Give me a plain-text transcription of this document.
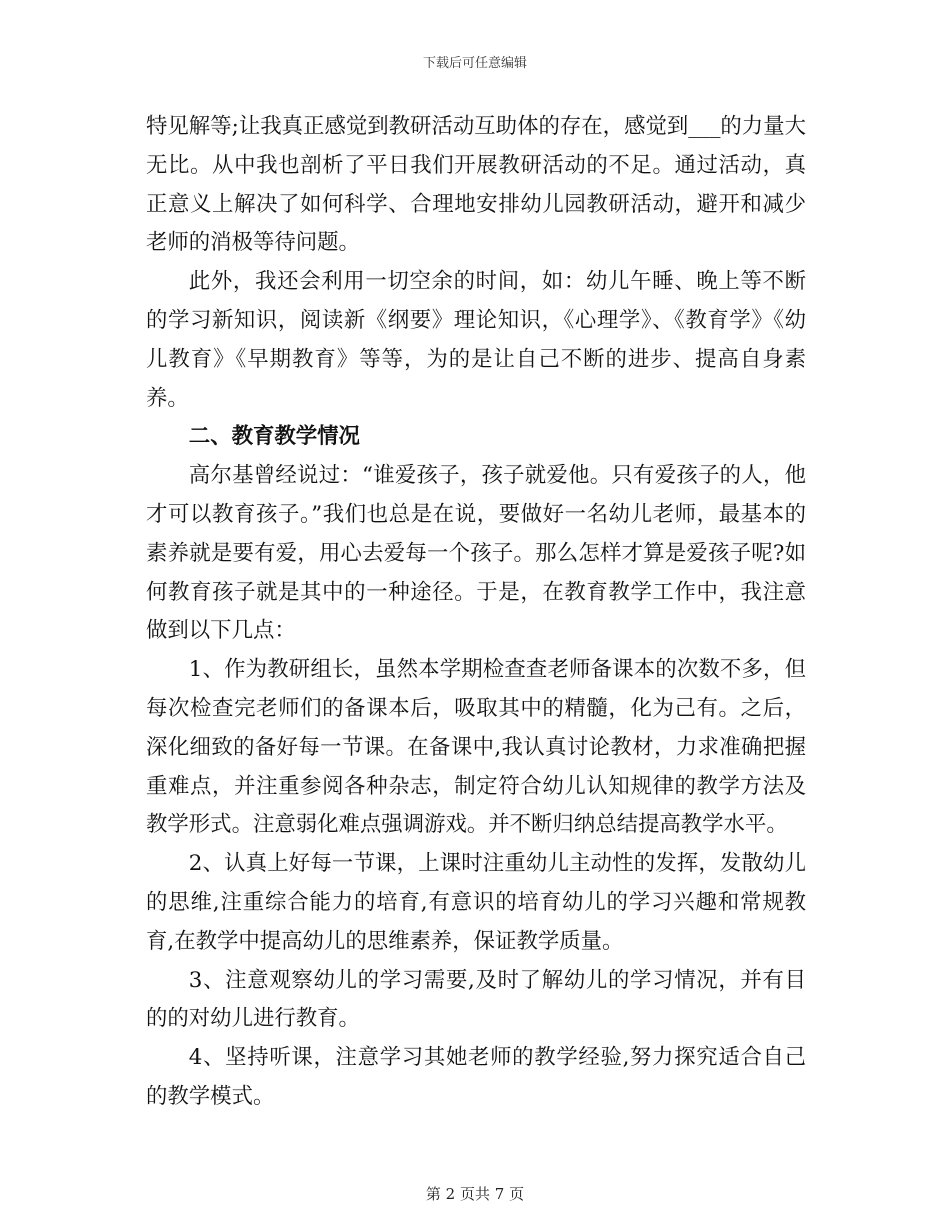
下载后可任意编辑

特见解等;让我真正感觉到教研活动互助体的存在，感觉到___的力量大无比。从中我也剖析了平日我们开展教研活动的不足。通过活动，真正意义上解决了如何科学、合理地安排幼儿园教研活动，避开和减少老师的消极等待问题。

此外，我还会利用一切空余的时间，如：幼儿午睡、晚上等不断的学习新知识，阅读新《纲要》理论知识，《心理学》、《教育学》《幼儿教育》《早期教育》等等，为的是让自己不断的进步、提高自身素养。

二、教育教学情况

高尔基曾经说过：“谁爱孩子，孩子就爱他。只有爱孩子的人，他才可以教育孩子。”我们也总是在说，要做好一名幼儿老师，最基本的素养就是要有爱，用心去爱每一个孩子。那么怎样才算是爱孩子呢?如何教育孩子就是其中的一种途径。于是，在教育教学工作中，我注意做到以下几点：

1、作为教研组长，虽然本学期检查查老师备课本的次数不多，但每次检查完老师们的备课本后，吸取其中的精髓，化为己有。之后，深化细致的备好每一节课。在备课中,我认真讨论教材，力求准确把握重难点，并注重参阅各种杂志，制定符合幼儿认知规律的教学方法及教学形式。注意弱化难点强调游戏。并不断归纳总结提高教学水平。

2、认真上好每一节课，上课时注重幼儿主动性的发挥，发散幼儿的思维,注重综合能力的培育,有意识的培育幼儿的学习兴趣和常规教育,在教学中提高幼儿的思维素养，保证教学质量。

3、注意观察幼儿的学习需要,及时了解幼儿的学习情况，并有目的的对幼儿进行教育。

4、坚持听课，注意学习其她老师的教学经验,努力探究适合自己的教学模式。

第 2 页共 7 页
